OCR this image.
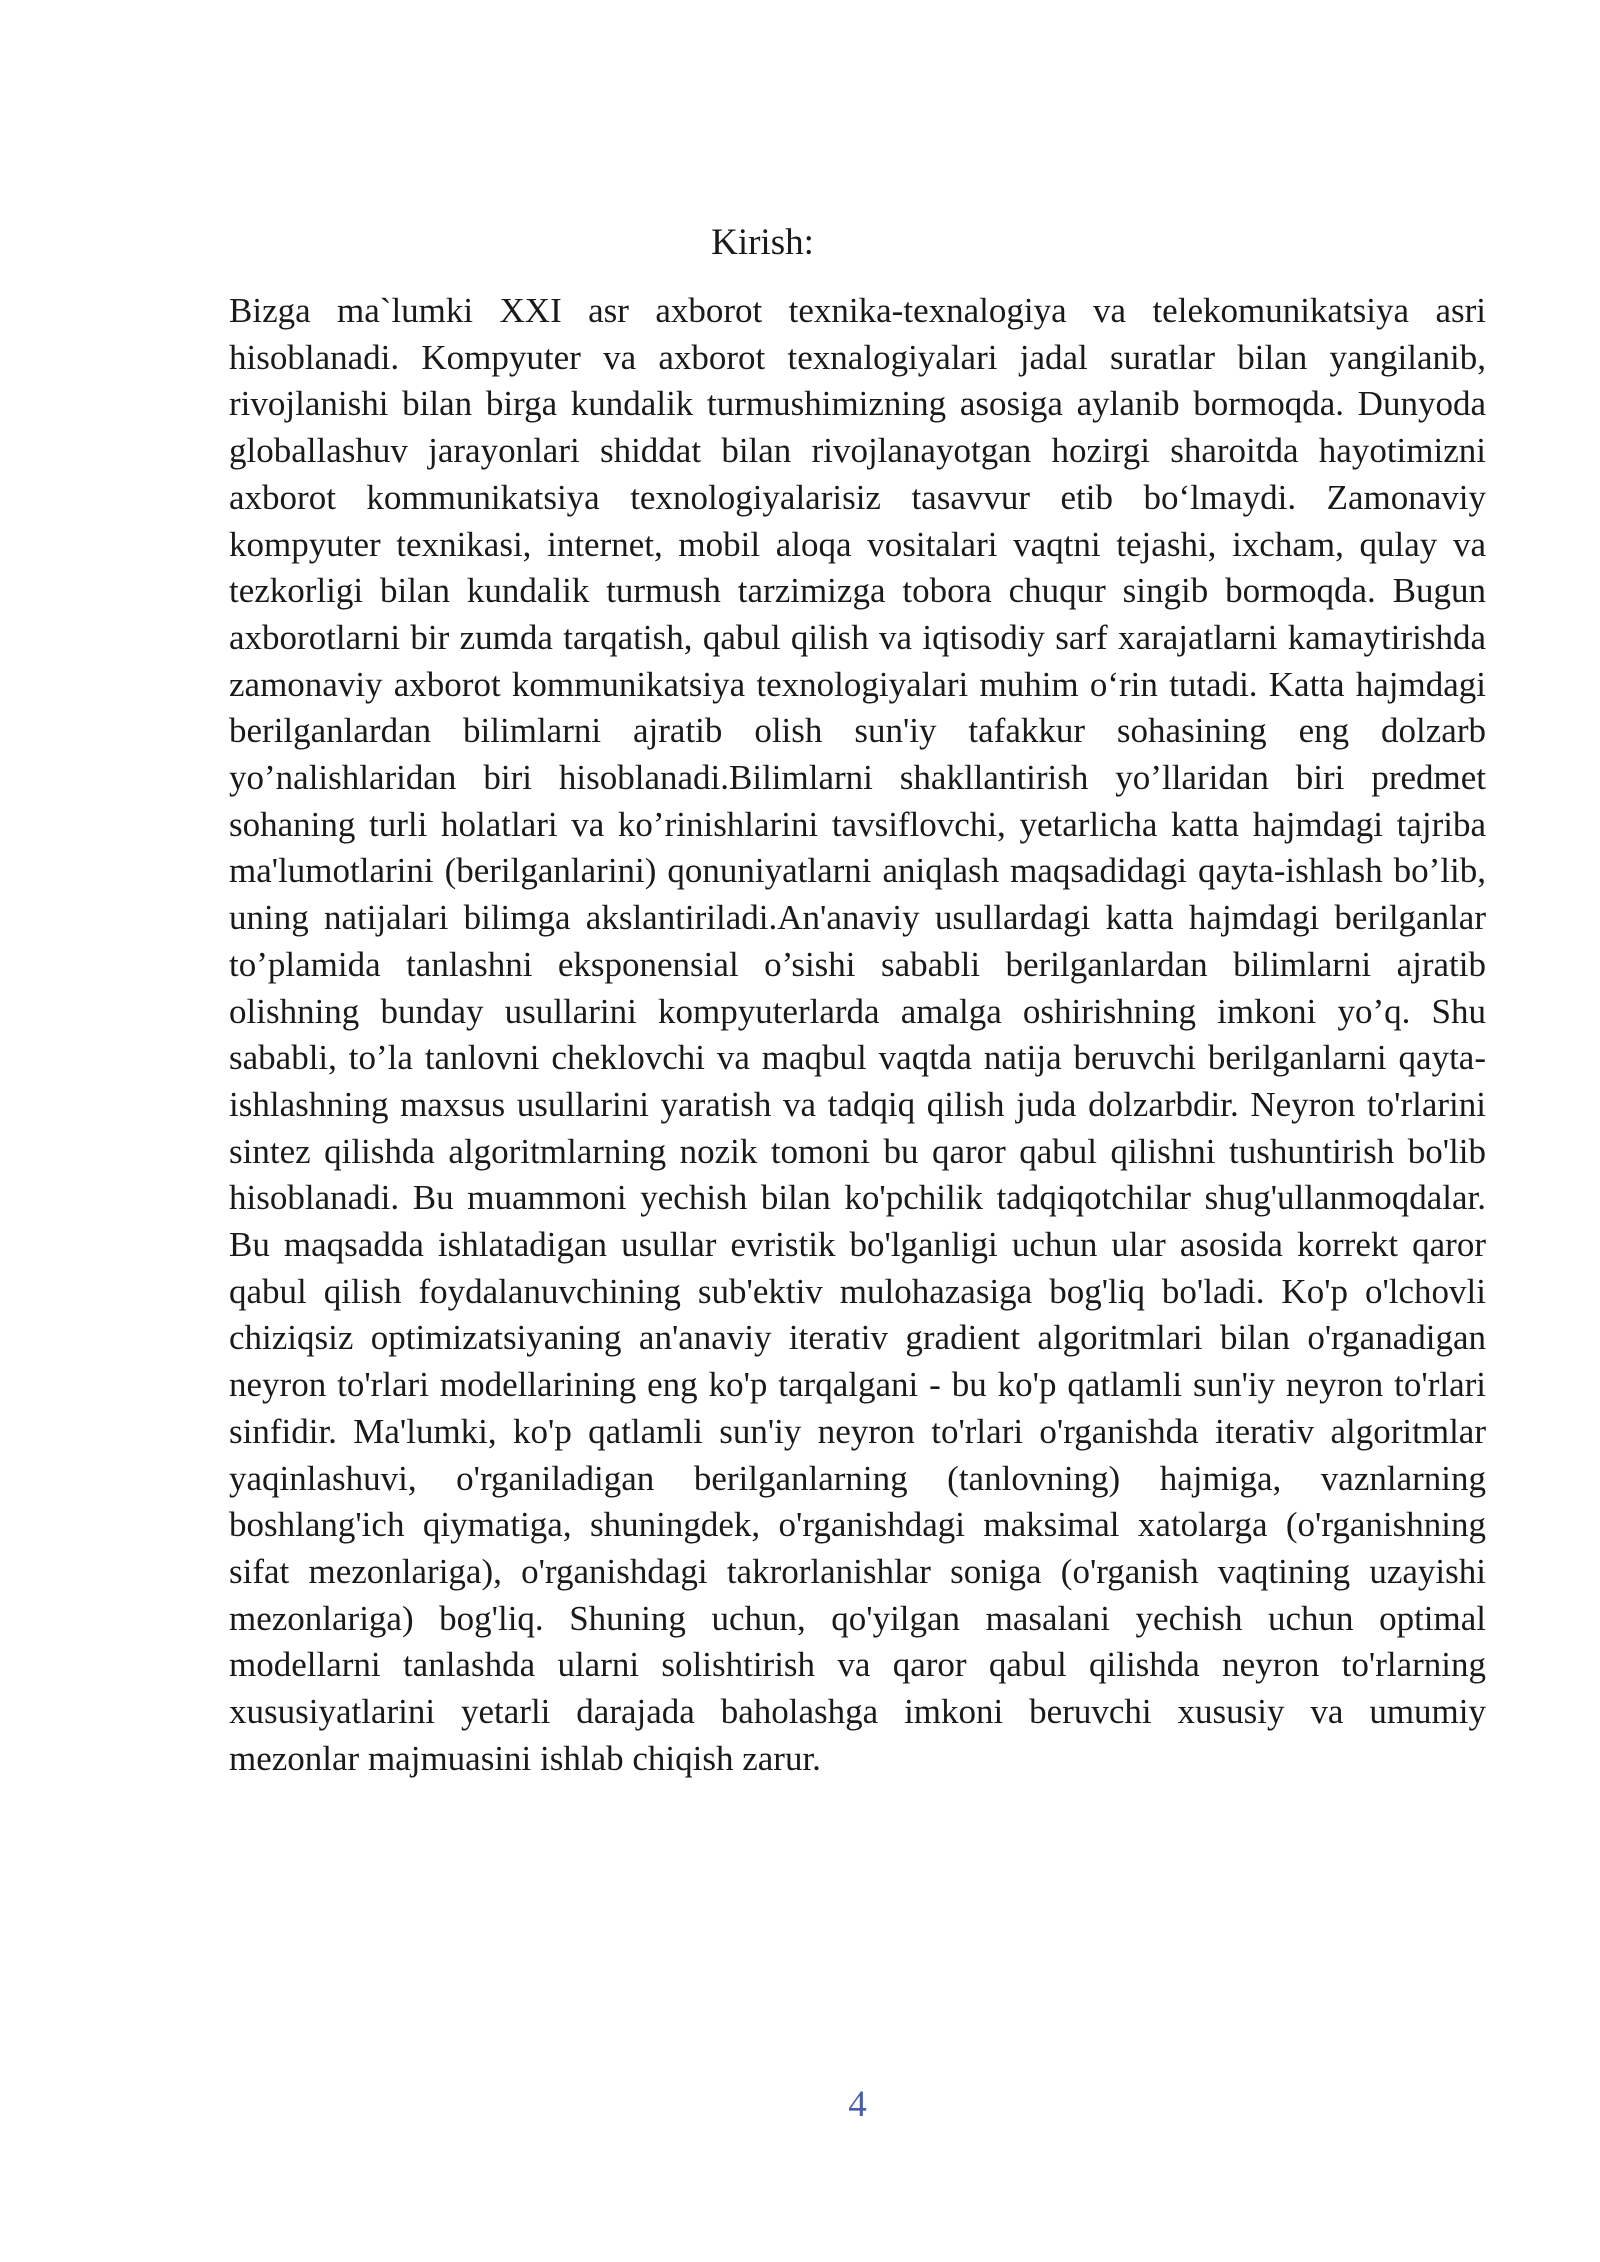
Kirish:

Bizga ma`lumki XXI asr axborot texnika-texnalogiya va telekomunikatsiya asri hisoblanadi. Kompyuter va axborot texnalogiyalari jadal suratlar bilan yangilanib, rivojlanishi bilan birga kundalik turmushimizning asosiga aylanib bormoqda. Dunyoda globallashuv jarayonlari shiddat bilan rivojlanayotgan hozirgi sharoitda hayotimizni axborot kommunikatsiya texnologiyalarisiz tasavvur etib bo‘lmaydi. Zamonaviy kompyuter texnikasi, internet, mobil aloqa vositalari vaqtni tejashi, ixcham, qulay va tezkorligi bilan kundalik turmush tarzimizga tobora chuqur singib bormoqda. Bugun axborotlarni bir zumda tarqatish, qabul qilish va iqtisodiy sarf xarajatlarni kamaytirishda zamonaviy axborot kommunikatsiya texnologiyalari muhim o‘rin tutadi. Katta hajmdagi berilganlardan bilimlarni ajratib olish sun'iy tafakkur sohasining eng dolzarb yo’nalishlaridan biri hisoblanadi.Bilimlarni shakllantirish yo’llaridan biri predmet sohaning turli holatlari va ko’rinishlarini tavsiflovchi, yetarlicha katta hajmdagi tajriba ma'lumotlarini (berilganlarini) qonuniyatlarni aniqlash maqsadidagi qayta-ishlash bo’lib, uning natijalari bilimga akslantiriladi.An'anaviy usullardagi katta hajmdagi berilganlar to’plamida tanlashni eksponensial o’sishi sababli berilganlardan bilimlarni ajratib olishning bunday usullarini kompyuterlarda amalga oshirishning imkoni yo’q. Shu sababli, to’la tanlovni cheklovchi va maqbul vaqtda natija beruvchi berilganlarni qayta-ishlashning maxsus usullarini yaratish va tadqiq qilish juda dolzarbdir. Neyron to'rlarini sintez qilishda algoritmlarning nozik tomoni bu qaror qabul qilishni tushuntirish bo'lib hisoblanadi. Bu muammoni yechish bilan ko'pchilik tadqiqotchilar shug'ullanmoqdalar. Bu maqsadda ishlatadigan usullar evristik bo'lganligi uchun ular asosida korrekt qaror qabul qilish foydalanuvchining sub'ektiv mulohazasiga bog'liq bo'ladi. Ko'p o'lchovli chiziqsiz optimizatsiyaning an'anaviy iterativ gradient algoritmlari bilan o'rganadigan neyron to'rlari modellarining eng ko'p tarqalgani - bu ko'p qatlamli sun'iy neyron to'rlari sinfidir. Ma'lumki, ko'p qatlamli sun'iy neyron to'rlari o'rganishda iterativ algoritmlar yaqinlashuvi, o'rganiladigan berilganlarning (tanlovning) hajmiga, vaznlarning boshlang'ich qiymatiga, shuningdek, o'rganishdagi maksimal xatolarga (o'rganishning sifat mezonlariga), o'rganishdagi takrorlanishlar soniga (o'rganish vaqtining uzayishi mezonlariga) bog'liq. Shuning uchun, qo'yilgan masalani yechish uchun optimal modellarni tanlashda ularni solishtirish va qaror qabul qilishda neyron to'rlarning xususiyatlarini yetarli darajada baholashga imkoni beruvchi xususiy va umumiy mezonlar majmuasini ishlab chiqish zarur.

4
